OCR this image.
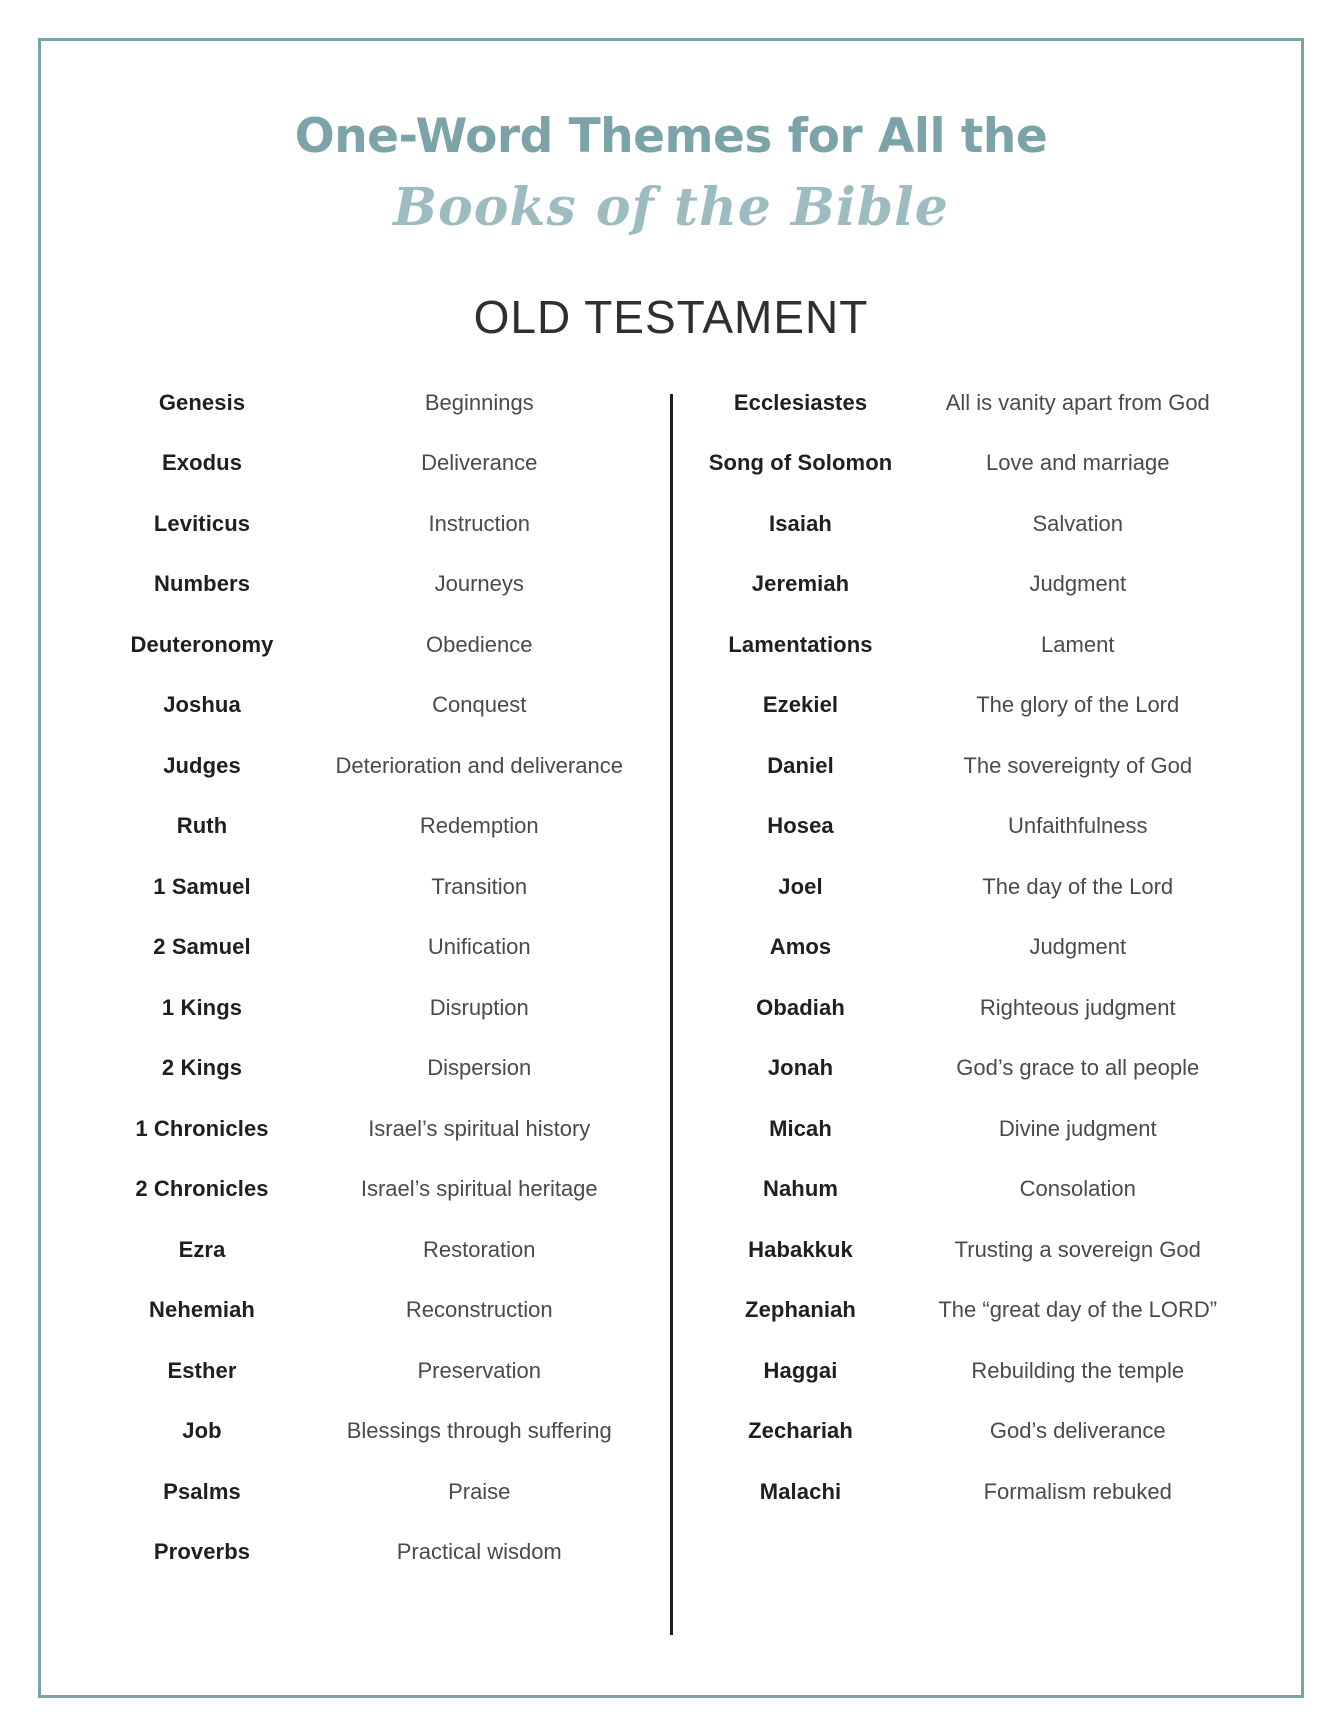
One-Word Themes for All the
Books of the Bible
OLD TESTAMENT
Genesis	Beginnings
Exodus	Deliverance
Leviticus	Instruction
Numbers	Journeys
Deuteronomy	Obedience
Joshua	Conquest
Judges	Deterioration and deliverance
Ruth	Redemption
1 Samuel	Transition
2 Samuel	Unification
1 Kings	Disruption
2 Kings	Dispersion
1 Chronicles	Israel’s spiritual history
2 Chronicles	Israel’s spiritual heritage
Ezra	Restoration
Nehemiah	Reconstruction
Esther	Preservation
Job	Blessings through suffering
Psalms	Praise
Proverbs	Practical wisdom
Ecclesiastes	All is vanity apart from God
Song of Solomon	Love and marriage
Isaiah	Salvation
Jeremiah	Judgment
Lamentations	Lament
Ezekiel	The glory of the Lord
Daniel	The sovereignty of God
Hosea	Unfaithfulness
Joel	The day of the Lord
Amos	Judgment
Obadiah	Righteous judgment
Jonah	God’s grace to all people
Micah	Divine judgment
Nahum	Consolation
Habakkuk	Trusting a sovereign God
Zephaniah	The “great day of the LORD”
Haggai	Rebuilding the temple
Zechariah	God’s deliverance
Malachi	Formalism rebuked
